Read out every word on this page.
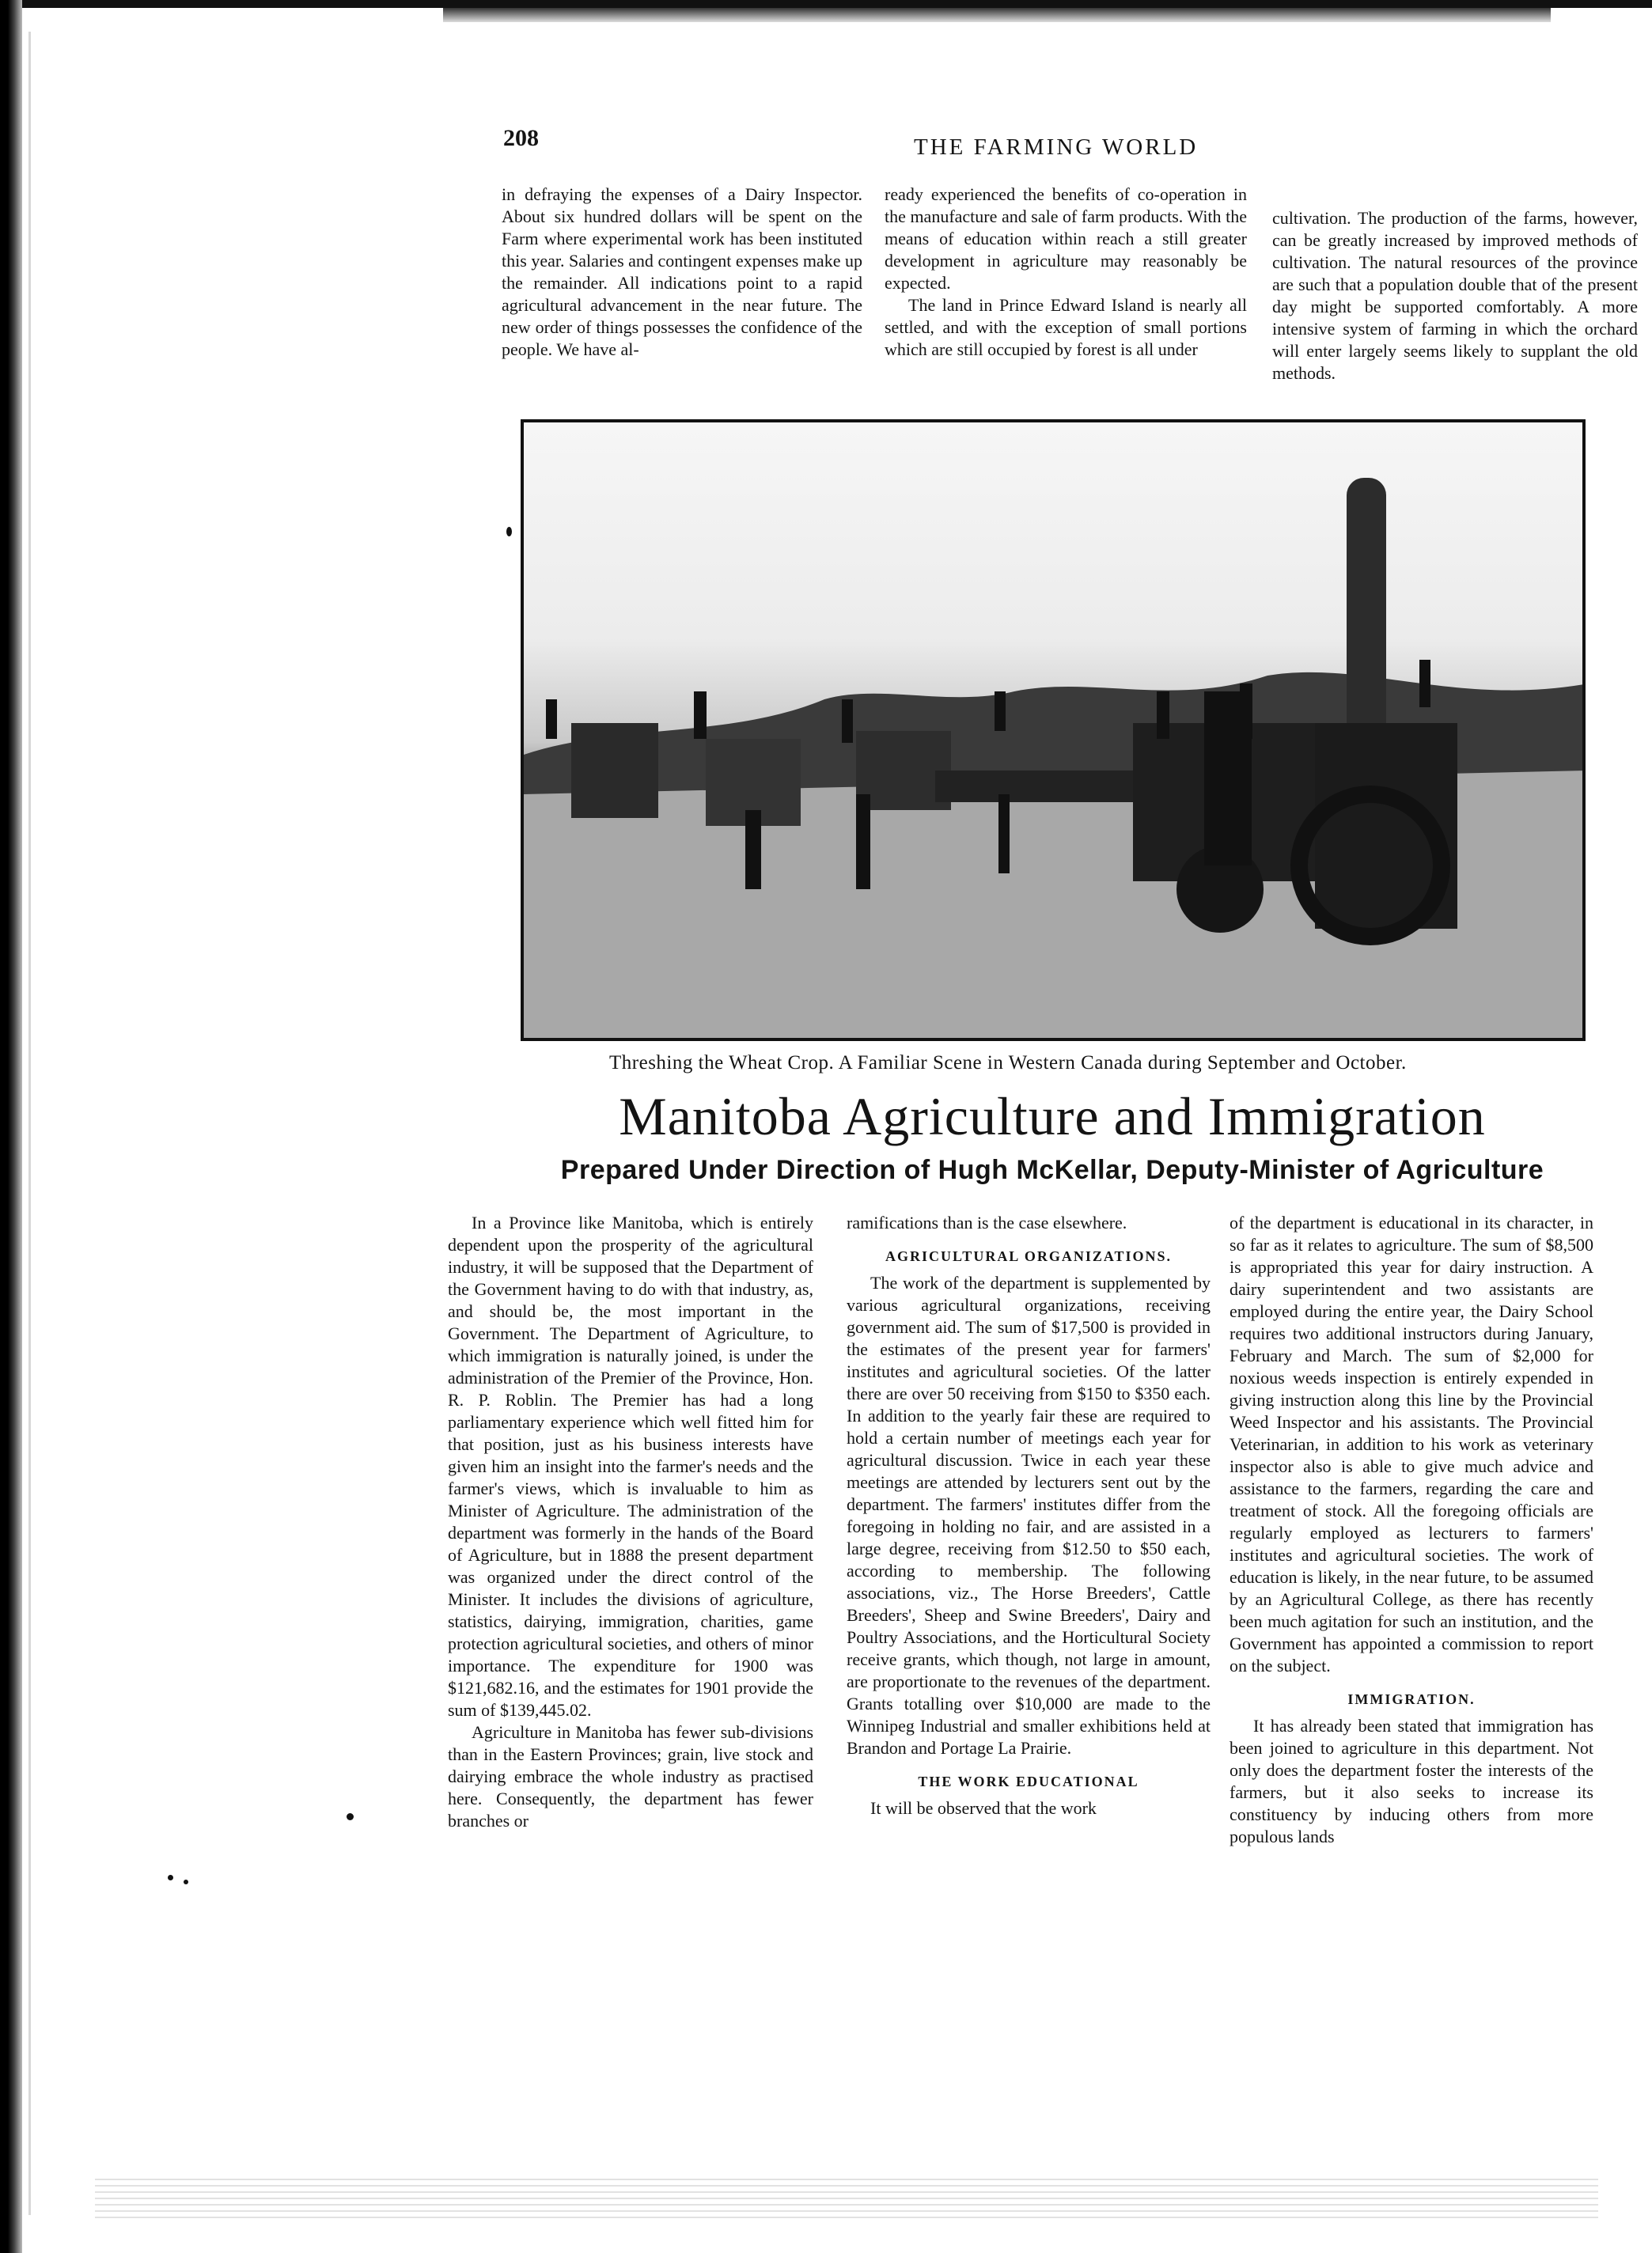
208	THE FARMING WORLD

in defraying the expenses of a Dairy Inspector. About six hundred dollars will be spent on the Farm where experimental work has been instituted this year. Salaries and contingent expenses make up the remainder. All indications point to a rapid agricultural advancement in the near future. The new order of things possesses the confidence of the people. We have al-

ready experienced the benefits of co-operation in the manufacture and sale of farm products. With the means of education within reach a still greater development in agriculture may reasonably be expected.

The land in Prince Edward Island is nearly all settled, and with the exception of small portions which are still occupied by forest is all under

cultivation. The production of the farms, however, can be greatly increased by improved methods of cultivation. The natural resources of the province are such that a population double that of the present day might be supported comfortably. A more intensive system of farming in which the orchard will enter largely seems likely to supplant the old methods.

Threshing the Wheat Crop. A Familiar Scene in Western Canada during September and October.
Manitoba Agriculture and Immigration
Prepared Under Direction of Hugh McKellar, Deputy-Minister of Agriculture

In a Province like Manitoba, which is entirely dependent upon the prosperity of the agricultural industry, it will be supposed that the Department of the Government having to do with that industry, as, and should be, the most important in the Government. The Department of Agriculture, to which immigration is naturally joined, is under the administration of the Premier of the Province, Hon. R. P. Roblin. The Premier has had a long parliamentary experience which well fitted him for that position, just as his business interests have given him an insight into the farmer's needs and the farmer's views, which is invaluable to him as Minister of Agriculture. The administration of the department was formerly in the hands of the Board of Agriculture, but in 1888 the present department was organized under the direct control of the Minister. It includes the divisions of agriculture, statistics, dairying, immigration, charities, game protection agricultural societies, and others of minor importance. The expenditure for 1900 was $121,682.16, and the estimates for 1901 provide the sum of $139,445.02.

Agriculture in Manitoba has fewer sub-divisions than in the Eastern Provinces; grain, live stock and dairying embrace the whole industry as practised here. Consequently, the department has fewer branches or

ramifications than is the case elsewhere.

AGRICULTURAL ORGANIZATIONS.

The work of the department is supplemented by various agricultural organizations, receiving government aid. The sum of $17,500 is provided in the estimates of the present year for farmers' institutes and agricultural societies. Of the latter there are over 50 receiving from $150 to $350 each. In addition to the yearly fair these are required to hold a certain number of meetings each year for agricultural discussion. Twice in each year these meetings are attended by lecturers sent out by the department. The farmers' institutes differ from the foregoing in holding no fair, and are assisted in a large degree, receiving from $12.50 to $50 each, according to membership. The following associations, viz., The Horse Breeders', Cattle Breeders', Sheep and Swine Breeders', Dairy and Poultry Associations, and the Horticultural Society receive grants, which though, not large in amount, are proportionate to the revenues of the department. Grants totalling over $10,000 are made to the Winnipeg Industrial and smaller exhibitions held at Brandon and Portage La Prairie.

THE WORK EDUCATIONAL

It will be observed that the work

of the department is educational in its character, in so far as it relates to agriculture. The sum of $8,500 is appropriated this year for dairy instruction. A dairy superintendent and two assistants are employed during the entire year, the Dairy School requires two additional instructors during January, February and March. The sum of $2,000 for noxious weeds inspection is entirely expended in giving instruction along this line by the Provincial Weed Inspector and his assistants. The Provincial Veterinarian, in addition to his work as veterinary inspector also is able to give much advice and assistance to the farmers, regarding the care and treatment of stock. All the foregoing officials are regularly employed as lecturers to farmers' institutes and agricultural societies. The work of education is likely, in the near future, to be assumed by an Agricultural College, as there has recently been much agitation for such an institution, and the Government has appointed a commission to report on the subject.

IMMIGRATION.

It has already been stated that immigration has been joined to agriculture in this department. Not only does the department foster the interests of the farmers, but it also seeks to increase its constituency by inducing others from more populous lands
